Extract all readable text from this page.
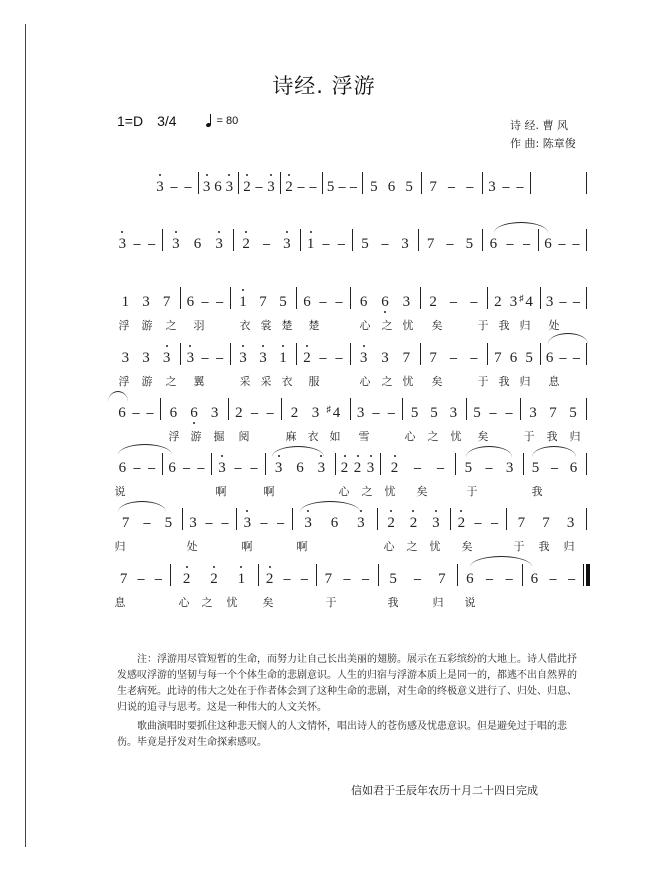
诗经. 浮游
1=D 3/4	= 80	诗 经. 曹 风
作 曲: 陈章俊
3 – – 3 6 3 2 – 3 2 – – 5 – – 5 6 5 7 – – 3 – –
3 – – 3 6 3 2 – 3 1 – – 5 – 3 7 – 5 6 – – 6 – –
1 3 7 6 – – 1 7 5 6 – – 6 6 3 2 – – 2 3 4
♯ 3 – –
浮 游 之 羽	衣 裳 楚 楚	心 之 忧 矣	于 我 归 处
3 3 3 3 – – 3 3 1 2 – – 3 3 7 7 – – 7 6 5 6 – –
浮 游 之 翼	采 采 衣 服	心 之 忧 矣	于 我 归 息
6 – – 6 6 3 2 – – 2 3 4
♯ 3 – – 5 5 3 5 – – 3 7 5
浮 游 掘 阅	麻 衣 如 雪	心 之 忧 矣	于 我 归
6 – – 6 – – 3 – – 3 6 3 2 2 3 2 – – 5 – 3 5 – 6
说	啊	啊	心 之 忧 矣	于	我
7 – 5 3 – – 3 – – 3 6 3 2 2 3 2 – – 7 7 3
归	处	啊	啊	心 之 忧 矣	于 我 归
7 – – 2 2 1 2 – – 7 – – 5 – 7 6 – – 6 – –
息	心 之 忧 矣	于	我	归 说

注：浮游用尽管短暂的生命，而努力让自己长出美丽的翅膀。展示在五彩缤纷的大地上。诗人借此抒发感叹浮游的坚韧与每一个个体生命的悲剧意识。人生的归宿与浮游本质上是同一的，都逃不出自然界的生老病死。此诗的伟大之处在于作者体会到了这种生命的悲剧，对生命的终极意义进行了、归处、归息、归说的追寻与思考。这是一种伟大的人文关怀。

歌曲演唱时要抓住这种悲天悯人的人文情怀，唱出诗人的苍伤感及忧患意识。但是避免过于唱的悲伤。毕竟是抒发对生命探索感叹。

信如君于壬辰年农历十月二十四日完成
